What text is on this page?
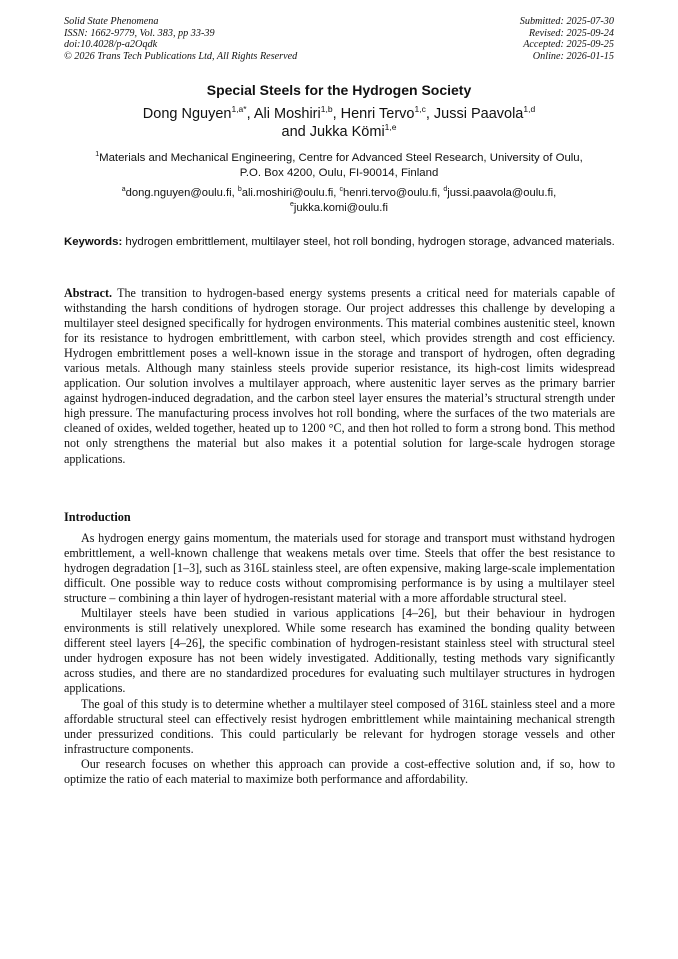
Solid State Phenomena
ISSN: 1662-9779, Vol. 383, pp 33-39
doi:10.4028/p-a2Oqdk
© 2026 Trans Tech Publications Ltd, All Rights Reserved
Submitted: 2025-07-30
Revised: 2025-09-24
Accepted: 2025-09-25
Online: 2026-01-15
Special Steels for the Hydrogen Society
Dong Nguyen$^{1,a*}$, Ali Moshiri$^{1,b}$, Henri Tervo$^{1,c}$, Jussi Paavola$^{1,d}$
and Jukka Kömi$^{1,e}$
$^1$Materials and Mechanical Engineering, Centre for Advanced Steel Research, University of Oulu,
P.O. Box 4200, Oulu, FI-90014, Finland
$^a$dong.nguyen@oulu.fi, $^b$ali.moshiri@oulu.fi, $^c$henri.tervo@oulu.fi, $^d$jussi.paavola@oulu.fi,
$^e$jukka.komi@oulu.fi
Keywords: hydrogen embrittlement, multilayer steel, hot roll bonding, hydrogen storage, advanced materials.

Abstract. The transition to hydrogen-based energy systems presents a critical need for materials capable of withstanding the harsh conditions of hydrogen storage. Our project addresses this challenge by developing a multilayer steel designed specifically for hydrogen environments. This material combines austenitic steel, known for its resistance to hydrogen embrittlement, with carbon steel, which provides strength and cost efficiency. Hydrogen embrittlement poses a well-known issue in the storage and transport of hydrogen, often degrading various metals. Although many stainless steels provide superior resistance, its high-cost limits widespread application. Our solution involves a multilayer approach, where austenitic layer serves as the primary barrier against hydrogen-induced degradation, and the carbon steel layer ensures the material’s structural strength under high pressure. The manufacturing process involves hot roll bonding, where the surfaces of the two materials are cleaned of oxides, welded together, heated up to 1200 °C, and then hot rolled to form a strong bond. This method not only strengthens the material but also makes it a potential solution for large-scale hydrogen storage applications.

Introduction

As hydrogen energy gains momentum, the materials used for storage and transport must withstand hydrogen embrittlement, a well-known challenge that weakens metals over time. Steels that offer the best resistance to hydrogen degradation [1–3], such as 316L stainless steel, are often expensive, making large-scale implementation difficult. One possible way to reduce costs without compromising performance is by using a multilayer steel structure – combining a thin layer of hydrogen-resistant material with a more affordable structural steel.

Multilayer steels have been studied in various applications [4–26], but their behaviour in hydrogen environments is still relatively unexplored. While some research has examined the bonding quality between different steel layers [4–26], the specific combination of hydrogen-resistant stainless steel with structural steel under hydrogen exposure has not been widely investigated. Additionally, testing methods vary significantly across studies, and there are no standardized procedures for evaluating such multilayer structures in hydrogen applications.

The goal of this study is to determine whether a multilayer steel composed of 316L stainless steel and a more affordable structural steel can effectively resist hydrogen embrittlement while maintaining mechanical strength under pressurized conditions. This could particularly be relevant for hydrogen storage vessels and other infrastructure components.

Our research focuses on whether this approach can provide a cost-effective solution and, if so, how to optimize the ratio of each material to maximize both performance and affordability.
